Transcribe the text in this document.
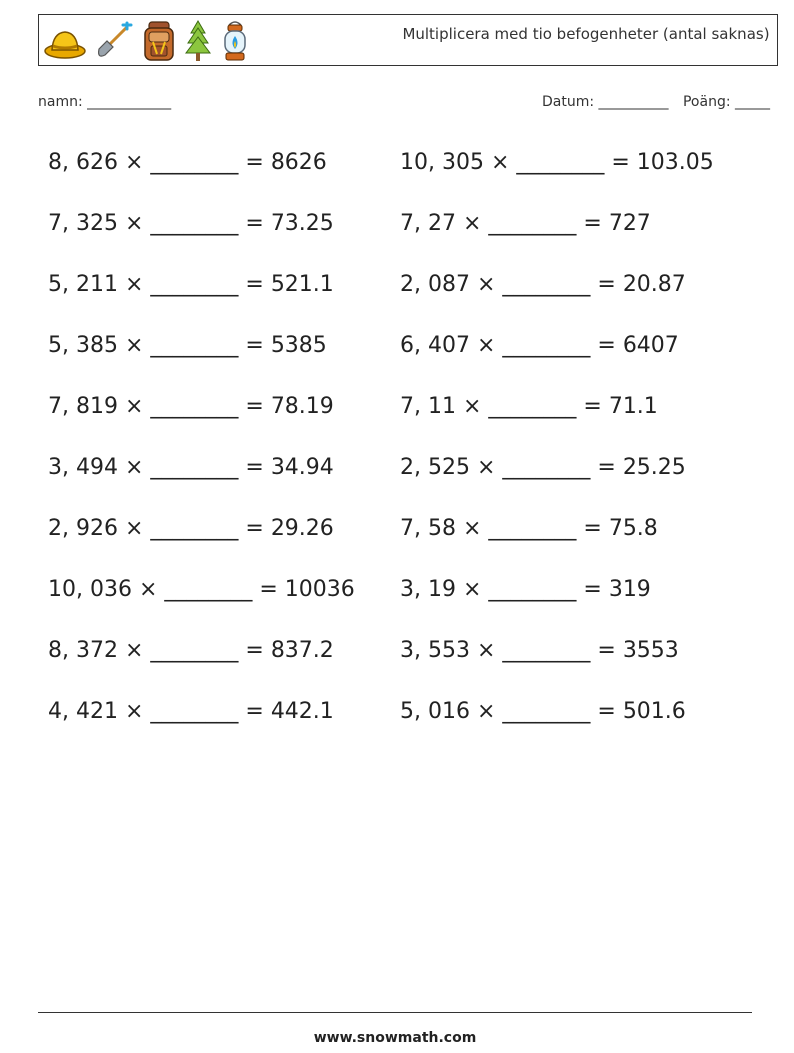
Multiplicera med tio befogenheter (antal saknas)
namn: ____________	Datum: __________ Poäng: _____
8, 626 × ________ = 8626	10, 305 × ________ = 103.05
7, 325 × ________ = 73.25	7, 27 × ________ = 727
5, 211 × ________ = 521.1	2, 087 × ________ = 20.87
5, 385 × ________ = 5385	6, 407 × ________ = 6407
7, 819 × ________ = 78.19	7, 11 × ________ = 71.1
3, 494 × ________ = 34.94	2, 525 × ________ = 25.25
2, 926 × ________ = 29.26	7, 58 × ________ = 75.8
10, 036 × ________ = 10036	3, 19 × ________ = 319
8, 372 × ________ = 837.2	3, 553 × ________ = 3553
4, 421 × ________ = 442.1	5, 016 × ________ = 501.6
www.snowmath.com
